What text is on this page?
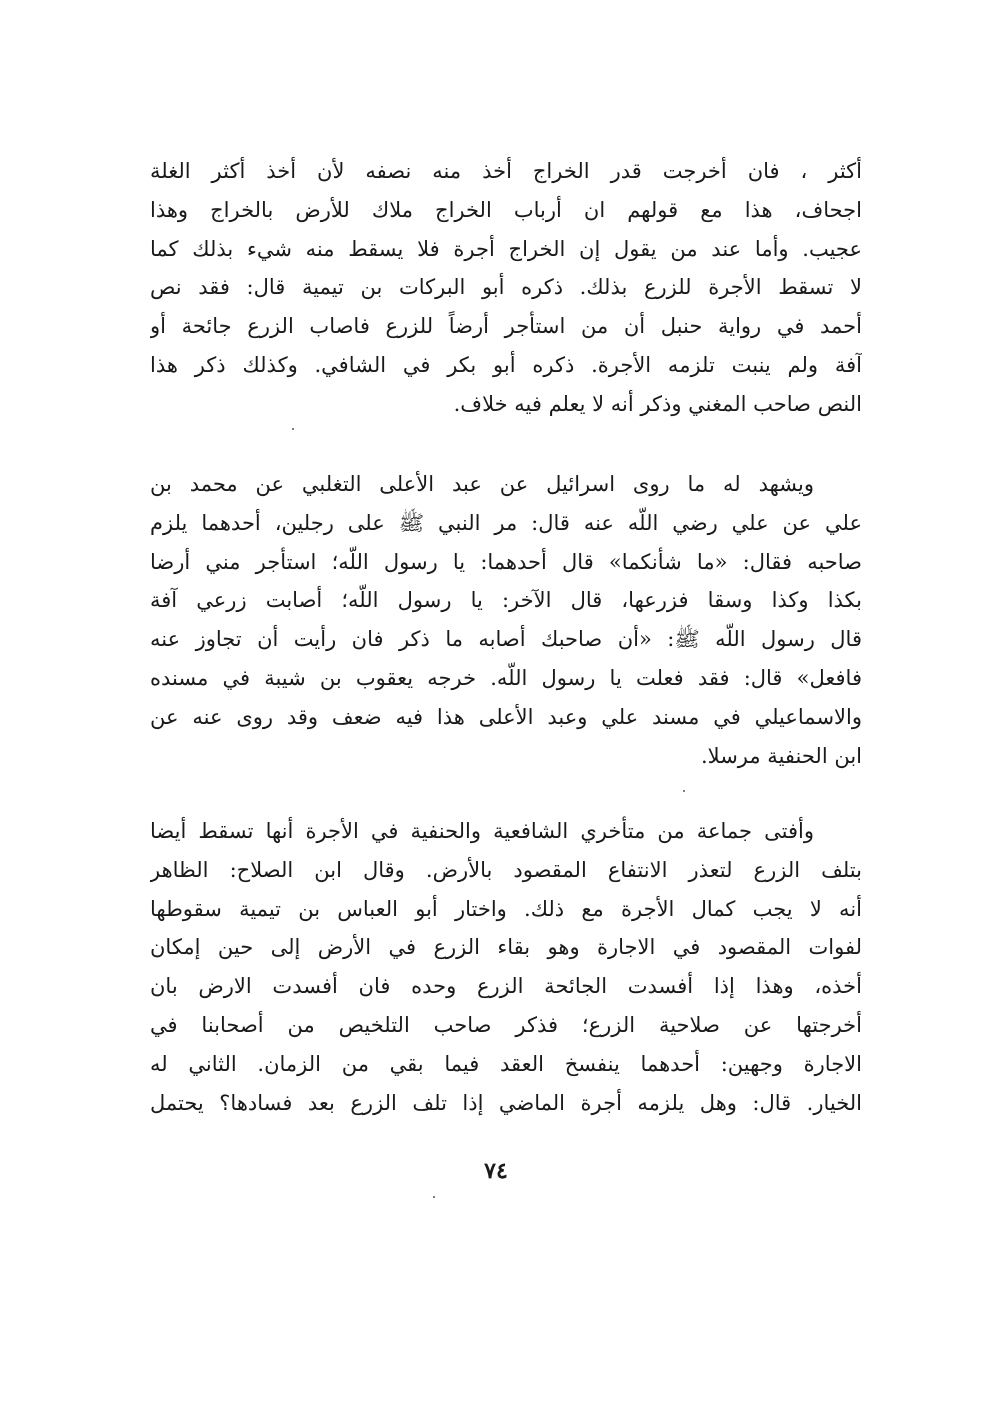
أكثر ، فان أخرجت قدر الخراج أخذ منه نصفه لأن أخذ أكثر الغلة
اجحاف، هذا مع قولهم ان أرباب الخراج ملاك للأرض بالخراج وهذا
عجيب. وأما عند من يقول إن الخراج أجرة فلا يسقط منه شيء بذلك كما
لا تسقط الأجرة للزرع بذلك. ذكره أبو البركات بن تيمية قال: فقد نص
أحمد في رواية حنبل أن من استأجر أرضاً للزرع فاصاب الزرع جائحة أو
آفة ولم ينبت تلزمه الأجرة. ذكره أبو بكر في الشافي. وكذلك ذكر هذا
النص صاحب المغني وذكر أنه لا يعلم فيه خلاف.
ويشهد له ما روى اسرائيل عن عبد الأعلى التغلبي عن محمد بن
علي عن علي رضي اللّه عنه قال: مر النبي ﷺ على رجلين، أحدهما يلزم
صاحبه فقال: «ما شأنكما» قال أحدهما: يا رسول اللّه؛ استأجر مني أرضا
بكذا وكذا وسقا فزرعها، قال الآخر: يا رسول اللّه؛ أصابت زرعي آفة
قال رسول اللّه ﷺ: «أن صاحبك أصابه ما ذكر فان رأيت أن تجاوز عنه
فافعل» قال: فقد فعلت يا رسول اللّه. خرجه يعقوب بن شيبة في مسنده
والاسماعيلي في مسند علي وعبد الأعلى هذا فيه ضعف وقد روى عنه عن
ابن الحنفية مرسلا.
وأفتى جماعة من متأخري الشافعية والحنفية في الأجرة أنها تسقط أيضا
بتلف الزرع لتعذر الانتفاع المقصود بالأرض. وقال ابن الصلاح: الظاهر
أنه لا يجب كمال الأجرة مع ذلك. واختار أبو العباس بن تيمية سقوطها
لفوات المقصود في الاجارة وهو بقاء الزرع في الأرض إلى حين إمكان
أخذه، وهذا إذا أفسدت الجائحة الزرع وحده فان أفسدت الارض بان
أخرجتها عن صلاحية الزرع؛ فذكر صاحب التلخيص من أصحابنا في
الاجارة وجهين: أحدهما ينفسخ العقد فيما بقي من الزمان. الثاني له
الخيار. قال: وهل يلزمه أجرة الماضي إذا تلف الزرع بعد فسادها؟ يحتمل
٧٤
